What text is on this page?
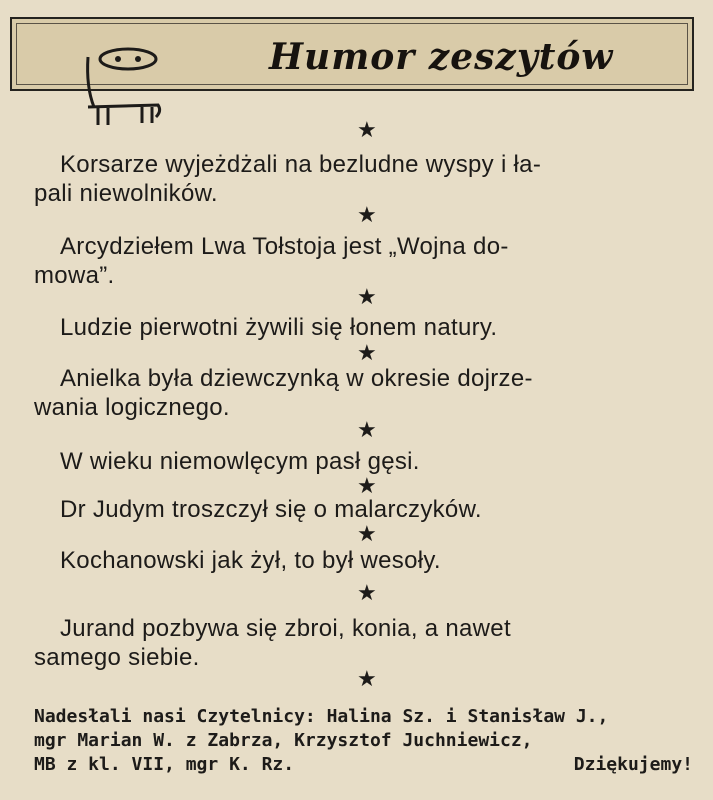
Humor zeszytów
★
Korsarze wyjeżdżali na bezludne wyspy i ła-
pali niewolników.
★
Arcydziełem Lwa Tołstoja jest „Wojna do-
mowa”.
★
Ludzie pierwotni żywili się łonem natury.
★
Anielka była dziewczynką w okresie dojrze-
wania logicznego.
★
W wieku niemowlęcym pasł gęsi.
★
Dr Judym troszczył się o malarczyków.
★
Kochanowski jak żył, to był wesoły.
★
Jurand pozbywa się zbroi, konia, a nawet
samego siebie.
★
Nadesłali nasi Czytelnicy: Halina Sz. i Stanisław J.,
mgr Marian W. z Zabrza, Krzysztof Juchniewicz,
MB z kl. VII, mgr K. Rz.	Dziękujemy!
